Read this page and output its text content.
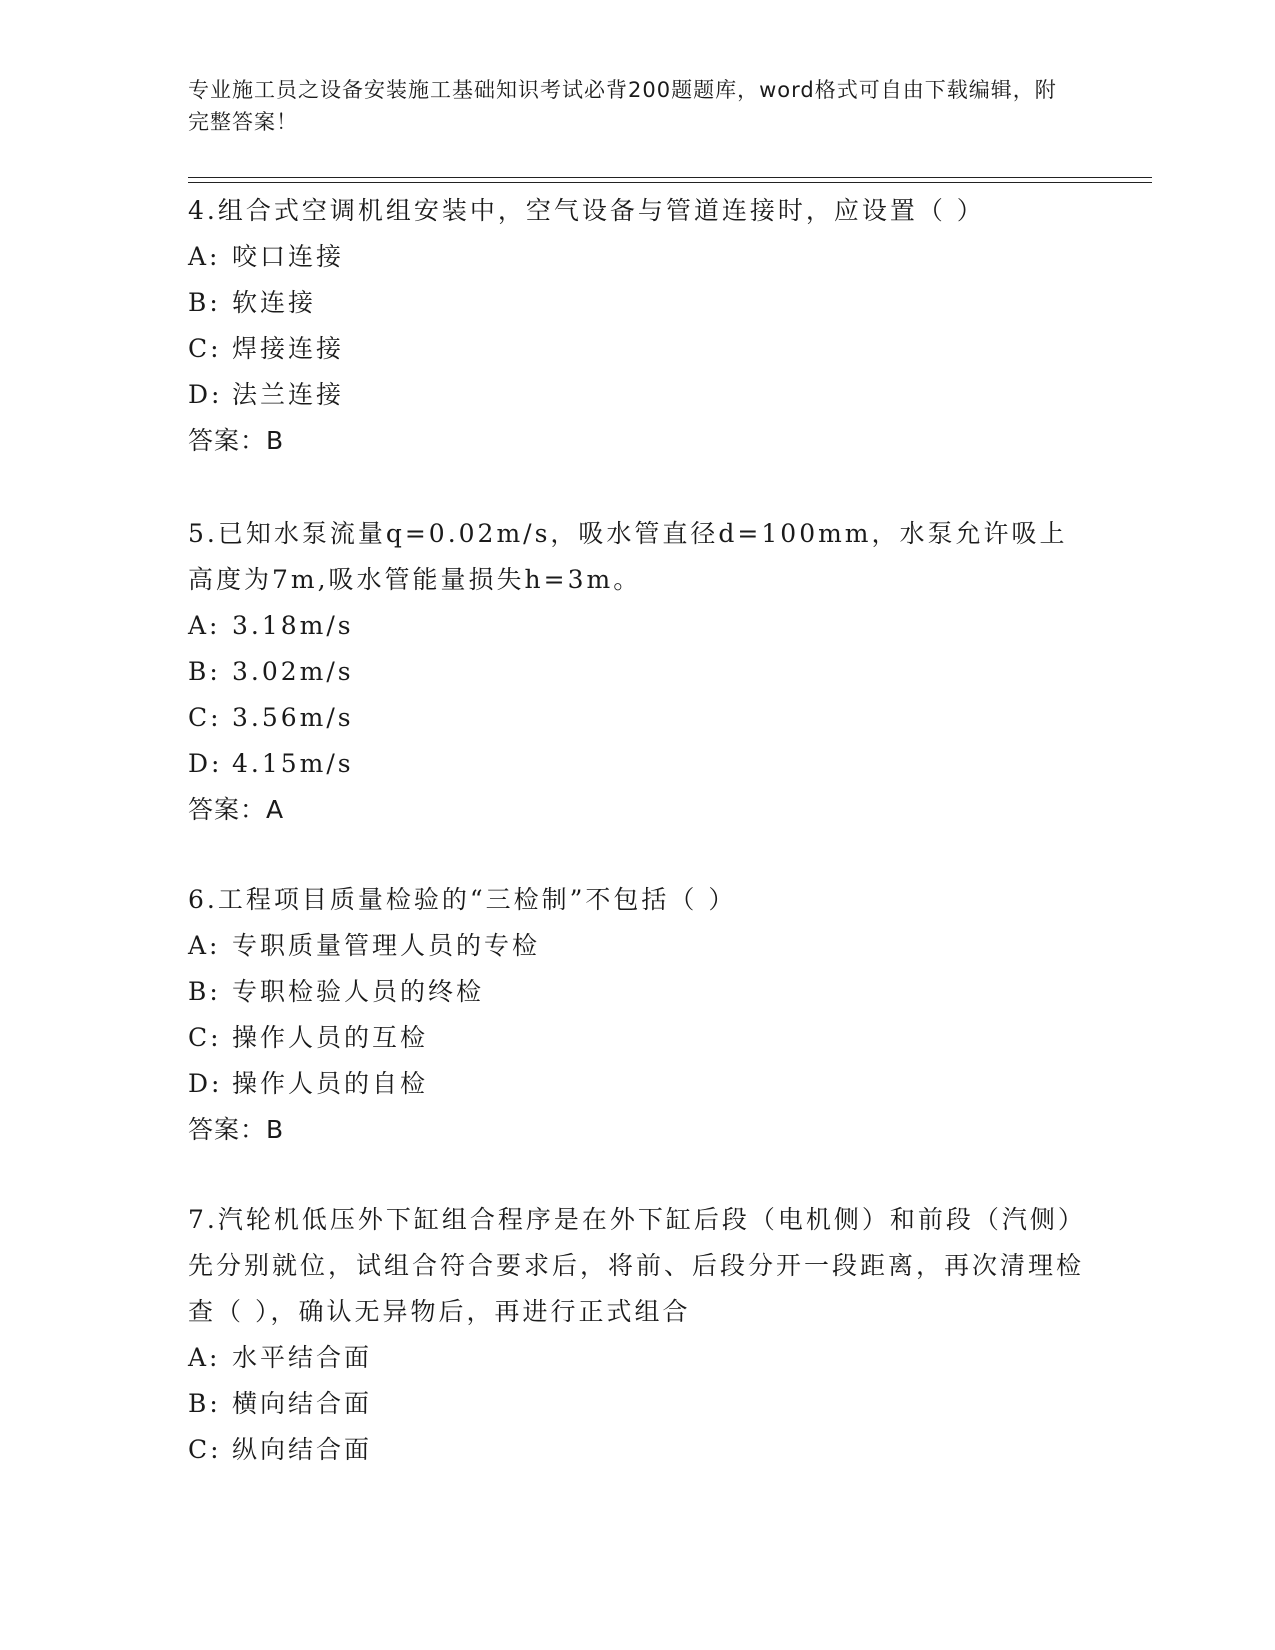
专业施工员之设备安装施工基础知识考试必背200题题库，word格式可自由下载编辑，附完整答案！

4.组合式空调机组安装中，空气设备与管道连接时，应设置（ ）

A: 咬口连接

B: 软连接

C: 焊接连接

D: 法兰连接

答案：B

5.已知水泵流量q=0.02m/s，吸水管直径d=100mm，水泵允许吸上高度为7m,吸水管能量损失h=3m。

A: 3.18m/s

B: 3.02m/s

C: 3.56m/s

D: 4.15m/s

答案：A

6.工程项目质量检验的“三检制”不包括（ ）

A: 专职质量管理人员的专检

B: 专职检验人员的终检

C: 操作人员的互检

D: 操作人员的自检

答案：B

7.汽轮机低压外下缸组合程序是在外下缸后段（电机侧）和前段（汽侧）先分别就位，试组合符合要求后，将前、后段分开一段距离，再次清理检查（ ），确认无异物后，再进行正式组合

A: 水平结合面

B: 横向结合面

C: 纵向结合面
